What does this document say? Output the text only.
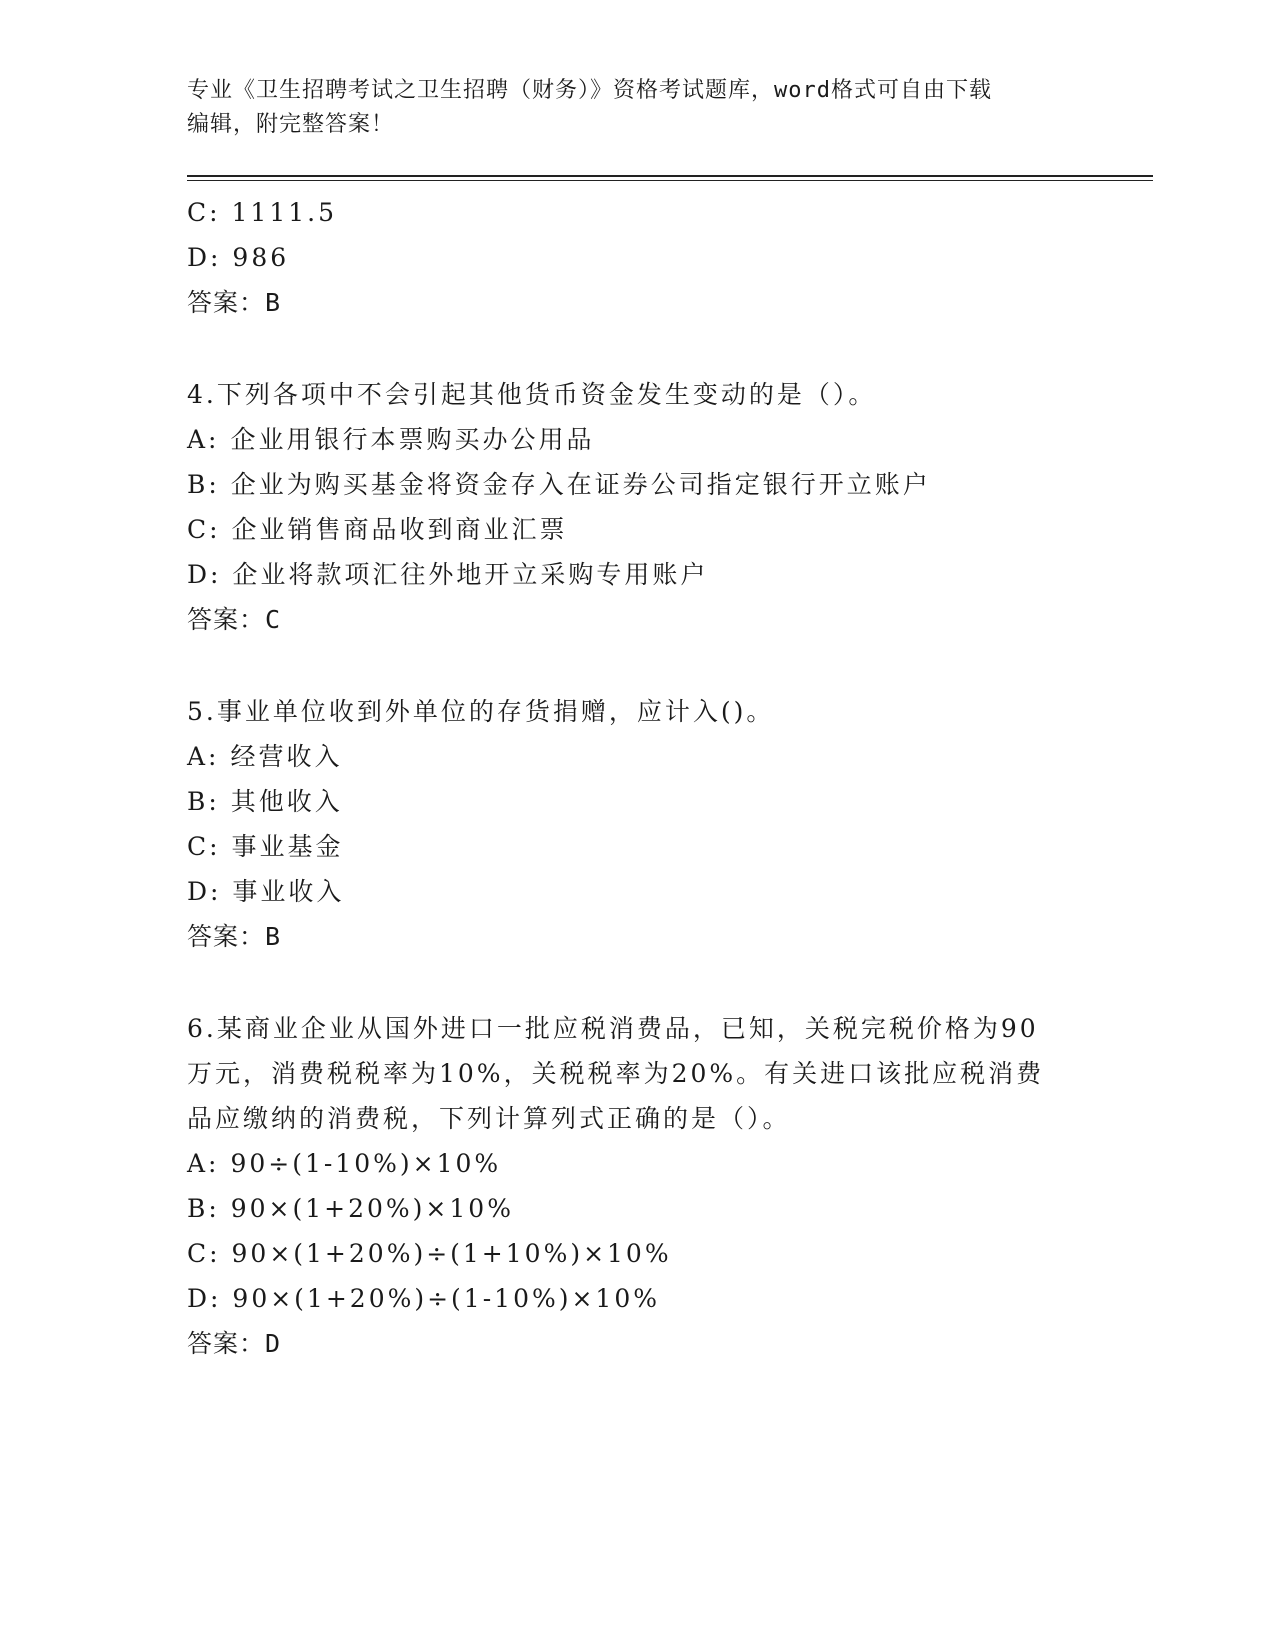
专业《卫生招聘考试之卫生招聘（财务）》资格考试题库，word格式可自由下载
编辑，附完整答案！
C: 1111.5
D: 986
答案：B
4.下列各项中不会引起其他货币资金发生变动的是（）。
A: 企业用银行本票购买办公用品
B: 企业为购买基金将资金存入在证券公司指定银行开立账户
C: 企业销售商品收到商业汇票
D: 企业将款项汇往外地开立采购专用账户
答案：C
5.事业单位收到外单位的存货捐赠，应计入()。
A: 经营收入
B: 其他收入
C: 事业基金
D: 事业收入
答案：B
6.某商业企业从国外进口一批应税消费品，已知，关税完税价格为90
万元，消费税税率为10%，关税税率为20%。有关进口该批应税消费
品应缴纳的消费税，下列计算列式正确的是（）。
A: 90÷(1-10%)×10%
B: 90×(1+20%)×10%
C: 90×(1+20%)÷(1+10%)×10%
D: 90×(1+20%)÷(1-10%)×10%
答案：D
